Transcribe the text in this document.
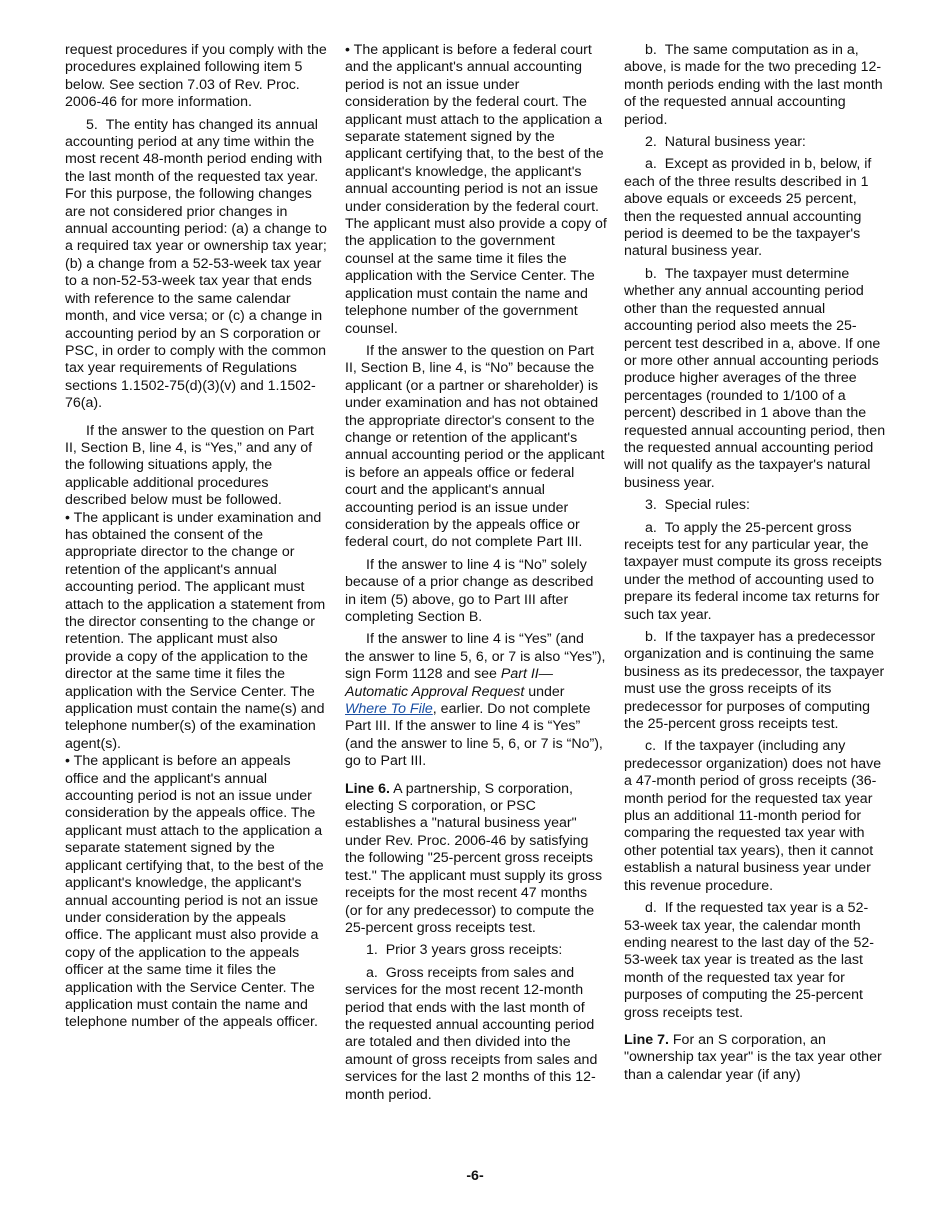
request procedures if you comply with the procedures explained following item 5 below. See section 7.03 of Rev. Proc. 2006-46 for more information.

5.  The entity has changed its annual accounting period at any time within the most recent 48-month period ending with the last month of the requested tax year. For this purpose, the following changes are not considered prior changes in annual accounting period: (a) a change to a required tax year or ownership tax year; (b) a change from a 52-53-week tax year to a non-52-53-week tax year that ends with reference to the same calendar month, and vice versa; or (c) a change in accounting period by an S corporation or PSC, in order to comply with the common tax year requirements of Regulations sections 1.1502-75(d)(3)(v) and 1.1502-76(a).

If the answer to the question on Part II, Section B, line 4, is “Yes,” and any of the following situations apply, the applicable additional procedures described below must be followed.

• The applicant is under examination and has obtained the consent of the appropriate director to the change or retention of the applicant's annual accounting period. The applicant must attach to the application a statement from the director consenting to the change or retention. The applicant must also provide a copy of the application to the director at the same time it files the application with the Service Center. The application must contain the name(s) and telephone number(s) of the examination agent(s).

• The applicant is before an appeals office and the applicant's annual accounting period is not an issue under consideration by the appeals office. The applicant must attach to the application a separate statement signed by the applicant certifying that, to the best of the applicant's knowledge, the applicant's annual accounting period is not an issue under consideration by the appeals office. The applicant must also provide a copy of the application to the appeals officer at the same time it files the application with the Service Center. The application must contain the name and telephone number of the appeals officer.

• The applicant is before a federal court and the applicant's annual accounting period is not an issue under consideration by the federal court. The applicant must attach to the application a separate statement signed by the applicant certifying that, to the best of the applicant's knowledge, the applicant's annual accounting period is not an issue under consideration by the federal court. The applicant must also provide a copy of the application to the government counsel at the same time it files the application with the Service Center. The application must contain the name and telephone number of the government counsel.

If the answer to the question on Part II, Section B, line 4, is “No” because the applicant (or a partner or shareholder) is under examination and has not obtained the appropriate director's consent to the change or retention of the applicant's annual accounting period or the applicant is before an appeals office or federal court and the applicant's annual accounting period is an issue under consideration by the appeals office or federal court, do not complete Part III.

If the answer to line 4 is “No” solely because of a prior change as described in item (5) above, go to Part III after completing Section B.

If the answer to line 4 is “Yes” (and the answer to line 5, 6, or 7 is also “Yes”), sign Form 1128 and see Part II—Automatic Approval Request under Where To File, earlier. Do not complete Part III. If the answer to line 4 is “Yes” (and the answer to line 5, 6, or 7 is “No”), go to Part III.

Line 6. A partnership, S corporation, electing S corporation, or PSC establishes a "natural business year" under Rev. Proc. 2006-46 by satisfying the following "25-percent gross receipts test." The applicant must supply its gross receipts for the most recent 47 months (or for any predecessor) to compute the 25-percent gross receipts test.

1.  Prior 3 years gross receipts:

a.  Gross receipts from sales and services for the most recent 12-month period that ends with the last month of the requested annual accounting period are totaled and then divided into the amount of gross receipts from sales and services for the last 2 months of this 12-month period.

b.  The same computation as in a, above, is made for the two preceding 12-month periods ending with the last month of the requested annual accounting period.

2.  Natural business year:

a.  Except as provided in b, below, if each of the three results described in 1 above equals or exceeds 25 percent, then the requested annual accounting period is deemed to be the taxpayer's natural business year.

b.  The taxpayer must determine whether any annual accounting period other than the requested annual accounting period also meets the 25-percent test described in a, above. If one or more other annual accounting periods produce higher averages of the three percentages (rounded to 1/100 of a percent) described in 1 above than the requested annual accounting period, then the requested annual accounting period will not qualify as the taxpayer's natural business year.

3.  Special rules:

a.  To apply the 25-percent gross receipts test for any particular year, the taxpayer must compute its gross receipts under the method of accounting used to prepare its federal income tax returns for such tax year.

b.  If the taxpayer has a predecessor organization and is continuing the same business as its predecessor, the taxpayer must use the gross receipts of its predecessor for purposes of computing the 25-percent gross receipts test.

c.  If the taxpayer (including any predecessor organization) does not have a 47-month period of gross receipts (36-month period for the requested tax year plus an additional 11-month period for comparing the requested tax year with other potential tax years), then it cannot establish a natural business year under this revenue procedure.

d.  If the requested tax year is a 52-53-week tax year, the calendar month ending nearest to the last day of the 52-53-week tax year is treated as the last month of the requested tax year for purposes of computing the 25-percent gross receipts test.

Line 7. For an S corporation, an "ownership tax year" is the tax year other than a calendar year (if any)

-6-
